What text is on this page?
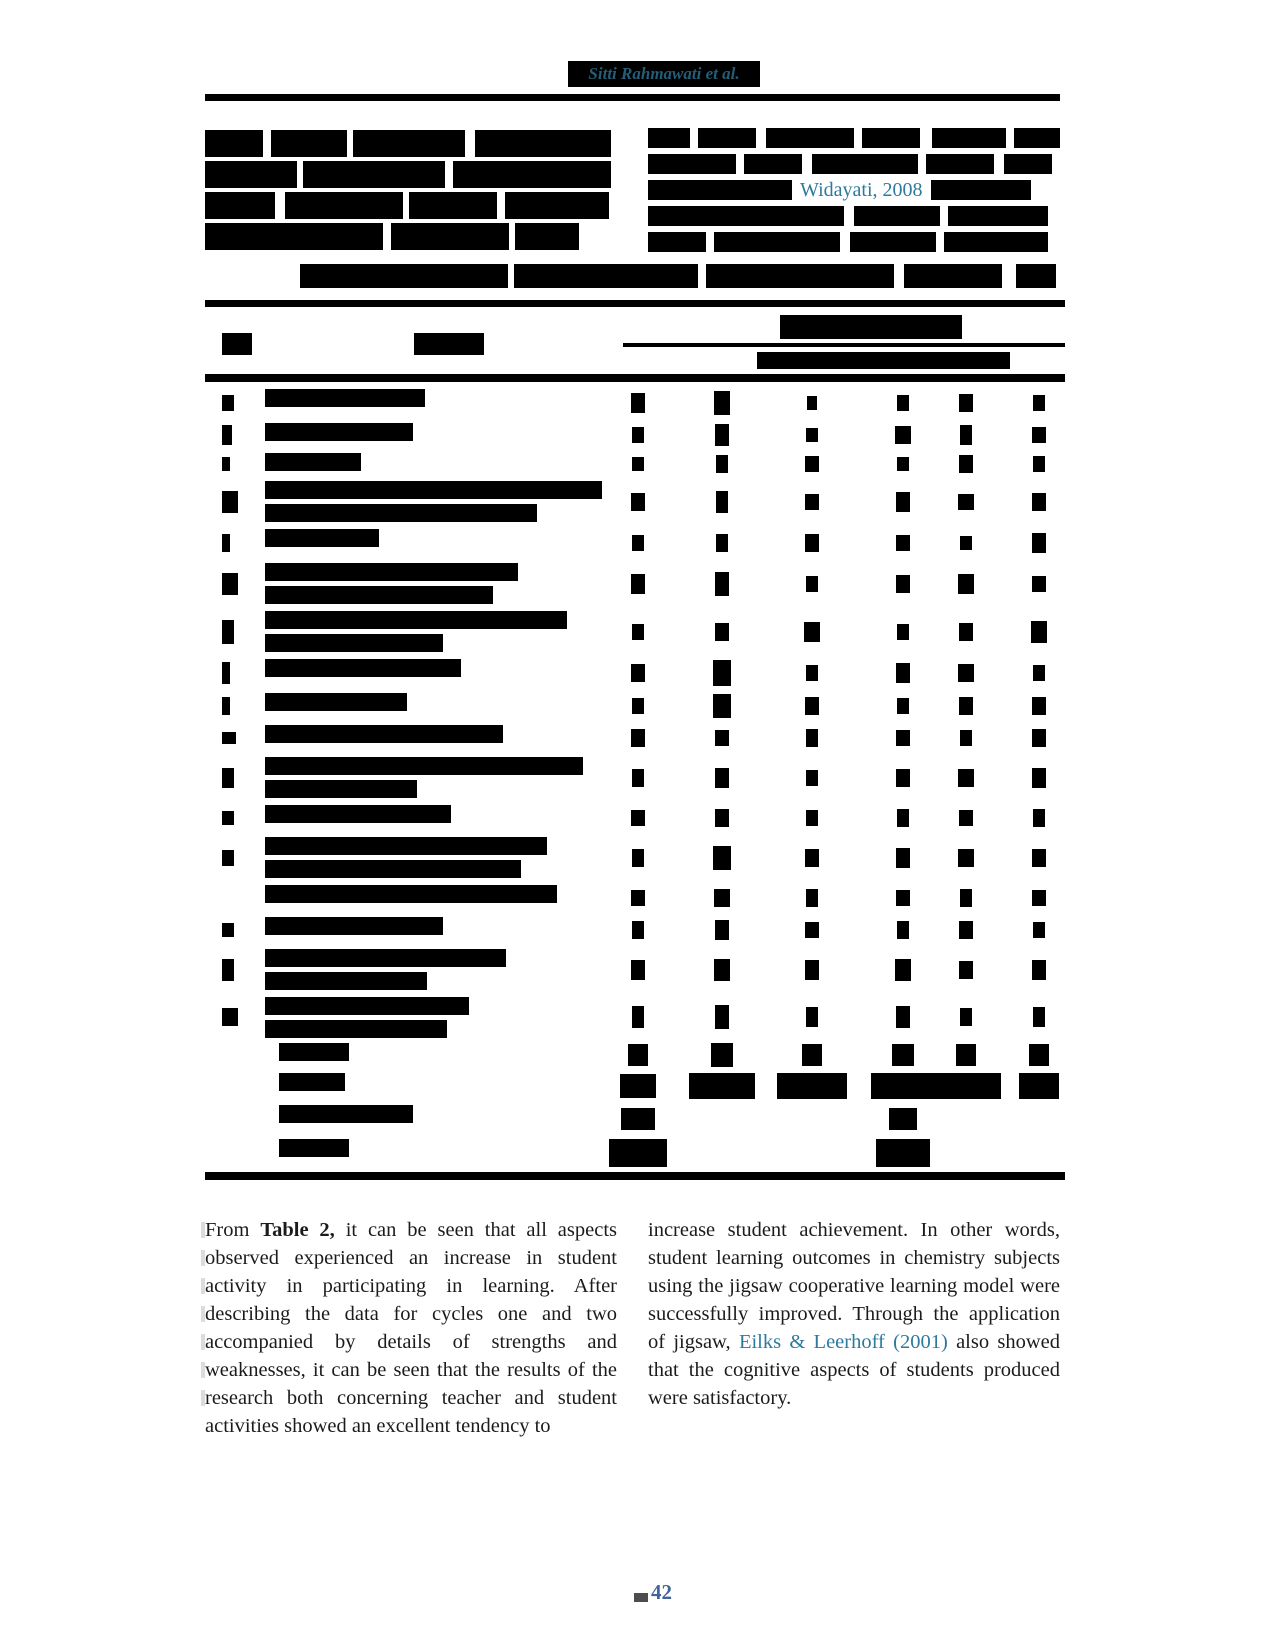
Sitti Rahmawati et al.
Widayati, 2008
From Table 2, it can be seen that all aspects observed experienced an increase in student activity in participating in learning. After describing the data for cycles one and two accompanied by details of strengths and weaknesses, it can be seen that the results of the research both concerning teacher and student activities showed an excellent tendency to
increase student achievement. In other words, student learning outcomes in chemistry subjects using the jigsaw cooperative learning model were successfully improved. Through the application of jigsaw, Eilks & Leerhoff (2001) also showed that the cognitive aspects of students produced were satisfactory.
42
